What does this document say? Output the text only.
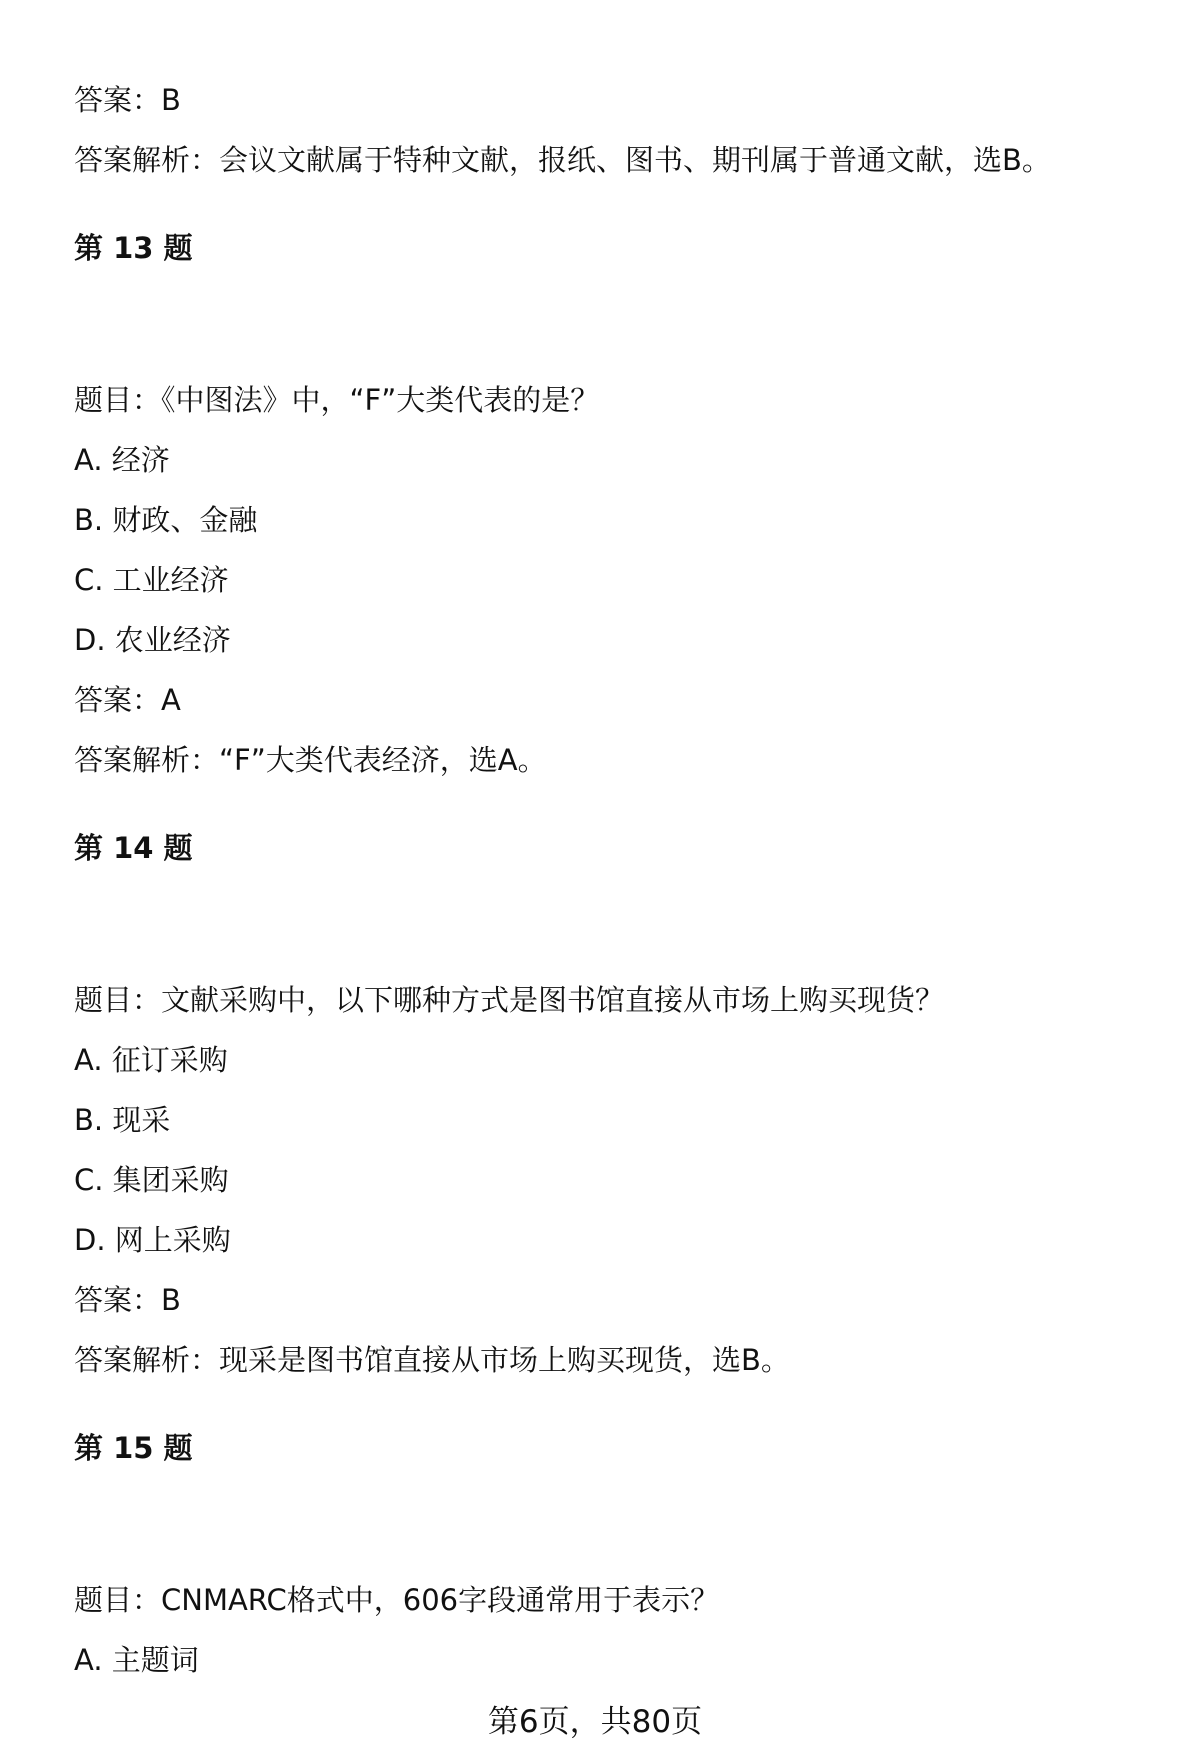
答案：B
答案解析：会议文献属于特种文献，报纸、图书、期刊属于普通文献，选B。
第 13 题
题目：《中图法》中，“F”大类代表的是？
A. 经济
B. 财政、金融
C. 工业经济
D. 农业经济
答案：A
答案解析：“F”大类代表经济，选A。
第 14 题
题目：文献采购中，以下哪种方式是图书馆直接从市场上购买现货？
A. 征订采购
B. 现采
C. 集团采购
D. 网上采购
答案：B
答案解析：现采是图书馆直接从市场上购买现货，选B。
第 15 题
题目：CNMARC格式中，606字段通常用于表示？
A. 主题词
第6页，共80页
